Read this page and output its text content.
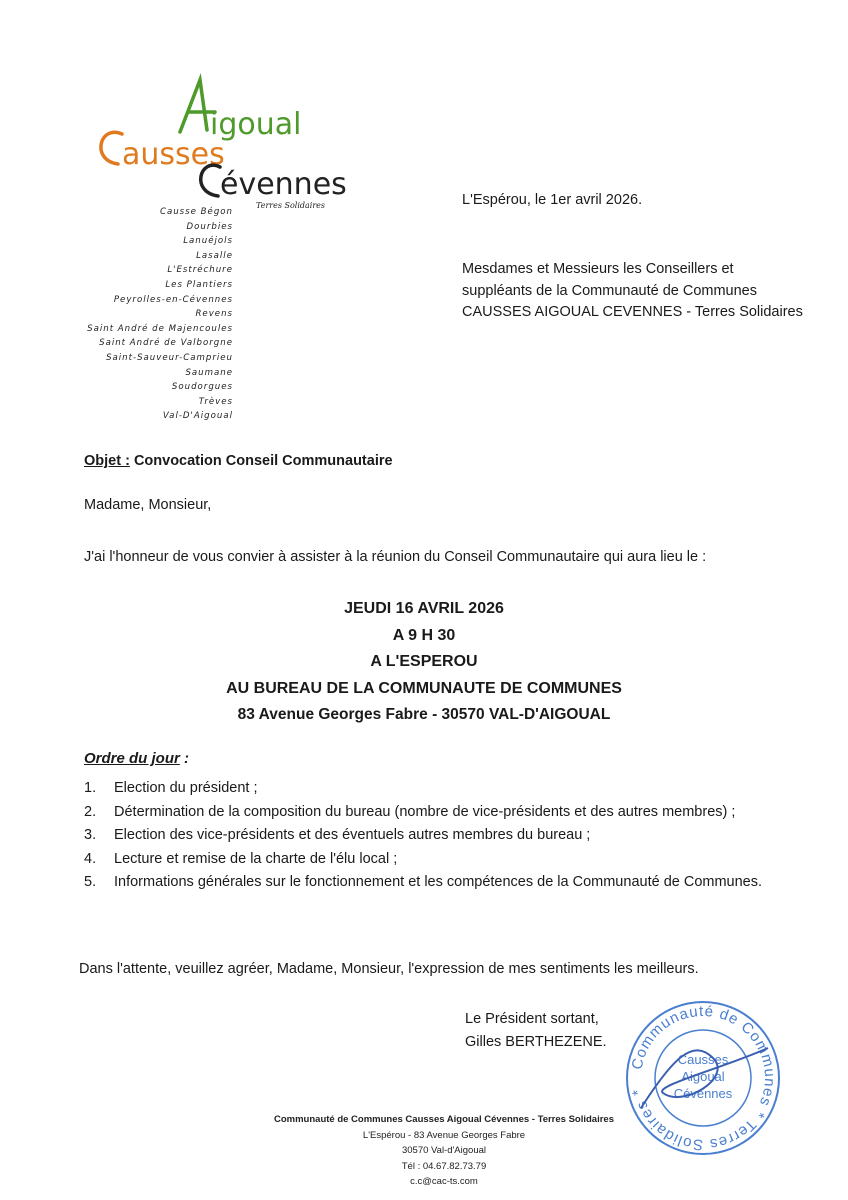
igoual
ausses
évennes
Terres Solidaires
Causse Bégon
Dourbies
Lanuéjols
Lasalle
L'Estréchure
Les Plantiers
Peyrolles-en-Cévennes
Revens
Saint André de Majencoules
Saint André de Valborgne
Saint-Sauveur-Camprieu
Saumane
Soudorgues
Trèves
Val-D'Aigoual
L'Espérou, le 1er avril 2026.
Mesdames et Messieurs les Conseillers et
suppléants de la Communauté de Communes
CAUSSES AIGOUAL CEVENNES - Terres Solidaires
Objet : Convocation Conseil Communautaire
Madame, Monsieur,
J'ai l'honneur de vous convier à assister à la réunion du Conseil Communautaire qui aura lieu le :
JEUDI 16 AVRIL 2026
A 9 H 30
A L'ESPEROU
AU BUREAU DE LA COMMUNAUTE DE COMMUNES
83 Avenue Georges Fabre - 30570 VAL-D'AIGOUAL
Ordre du jour :
1. Election du président ;
2. Détermination de la composition du bureau (nombre de vice-présidents et des autres membres) ;
3. Election des vice-présidents et des éventuels autres membres du bureau ;
4. Lecture et remise de la charte de l'élu local ;
5. Informations générales sur le fonctionnement et les compétences de la Communauté de Communes.
Dans l'attente, veuillez agréer, Madame, Monsieur, l'expression de mes sentiments les meilleurs.
Le Président sortant,
Gilles BERTHEZENE.
Communauté de Communes * Terres Solidaires *
Causses
Aigoual
Cévennes
Communauté de Communes Causses Aigoual Cévennes - Terres Solidaires
L'Espérou - 83 Avenue Georges Fabre
30570 Val-d'Aigoual
Tél : 04.67.82.73.79
c.c@cac-ts.com
